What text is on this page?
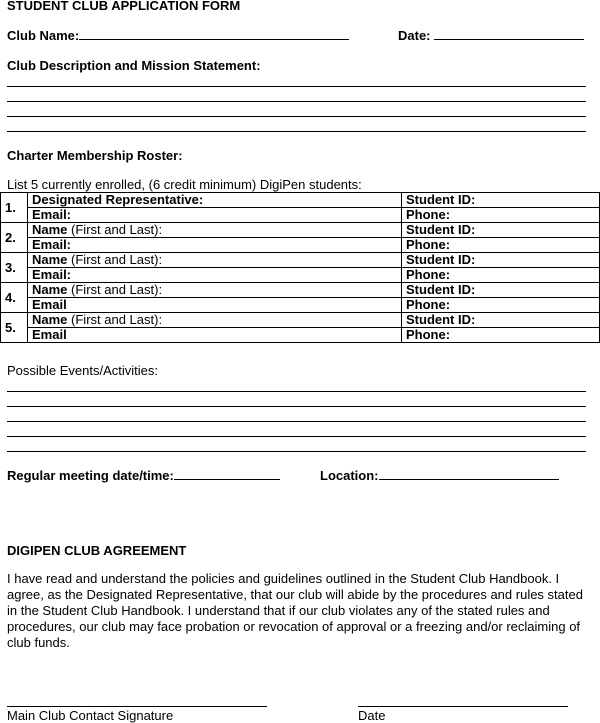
STUDENT CLUB APPLICATION FORM
Club Name:	Date:
Club Description and Mission Statement:
Charter Membership Roster:
List 5 currently enrolled, (6 credit minimum) DigiPen students:
1.	Designated Representative:	Student ID:
	Email:	Phone:
2.	Name (First and Last):	Student ID:
	Email:	Phone:
3.	Name (First and Last):	Student ID:
	Email:	Phone:
4.	Name (First and Last):	Student ID:
	Email	Phone:
5.	Name (First and Last):	Student ID:
	Email	Phone:
Possible Events/Activities:
Regular meeting date/time:	Location:
DIGIPEN CLUB AGREEMENT
I have read and understand the policies and guidelines outlined in the Student Club Handbook. I agree, as the Designated Representative, that our club will abide by the procedures and rules stated in the Student Club Handbook. I understand that if our club violates any of the stated rules and procedures, our club may face probation or revocation of approval or a freezing and/or reclaiming of club funds.
Main Club Contact Signature	Date
